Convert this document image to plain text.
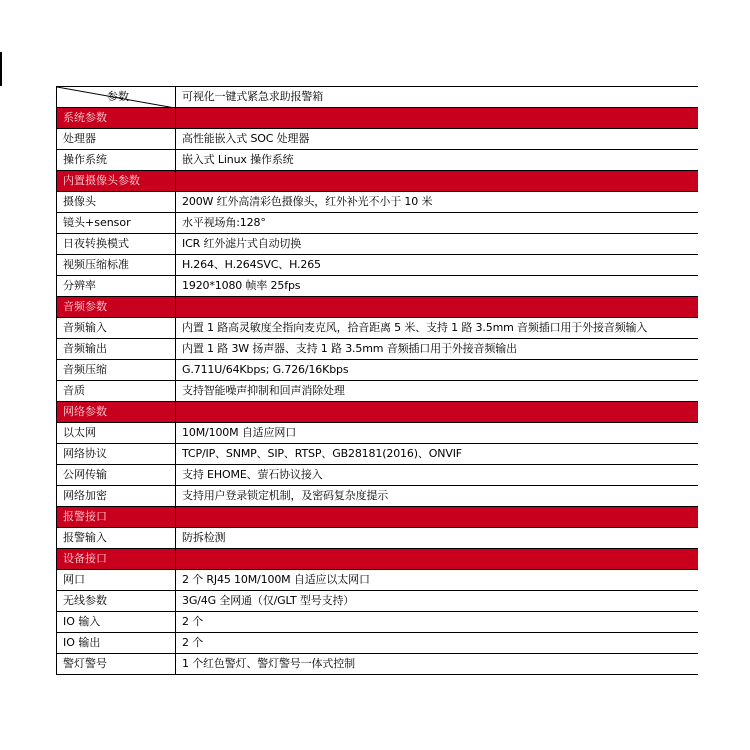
参数	可视化一键式紧急求助报警箱
系统参数	
处理器	高性能嵌入式 SOC 处理器
操作系统	嵌入式 Linux 操作系统
内置摄像头参数	
摄像头	200W 红外高清彩色摄像头，红外补光不小于 10 米
镜头+sensor	水平视场角:128°
日夜转换模式	ICR 红外滤片式自动切换
视频压缩标准	H.264、H.264SVC、H.265
分辨率	1920*1080 帧率 25fps
音频参数	
音频输入	内置 1 路高灵敏度全指向麦克风，拾音距离 5 米、支持 1 路 3.5mm 音频插口用于外接音频输入
音频输出	内置 1 路 3W 扬声器、支持 1 路 3.5mm 音频插口用于外接音频输出
音频压缩	G.711U/64Kbps; G.726/16Kbps
音质	支持智能噪声抑制和回声消除处理
网络参数	
以太网	10M/100M 自适应网口
网络协议	TCP/IP、SNMP、SIP、RTSP、GB28181(2016)、ONVIF
公网传输	支持 EHOME、萤石协议接入
网络加密	支持用户登录锁定机制，及密码复杂度提示
报警接口	
报警输入	防拆检测
设备接口	
网口	2 个 RJ45 10M/100M 自适应以太网口
无线参数	3G/4G 全网通（仅/GLT 型号支持）
IO 输入	2 个
IO 输出	2 个
警灯警号	1 个红色警灯、警灯警号一体式控制
